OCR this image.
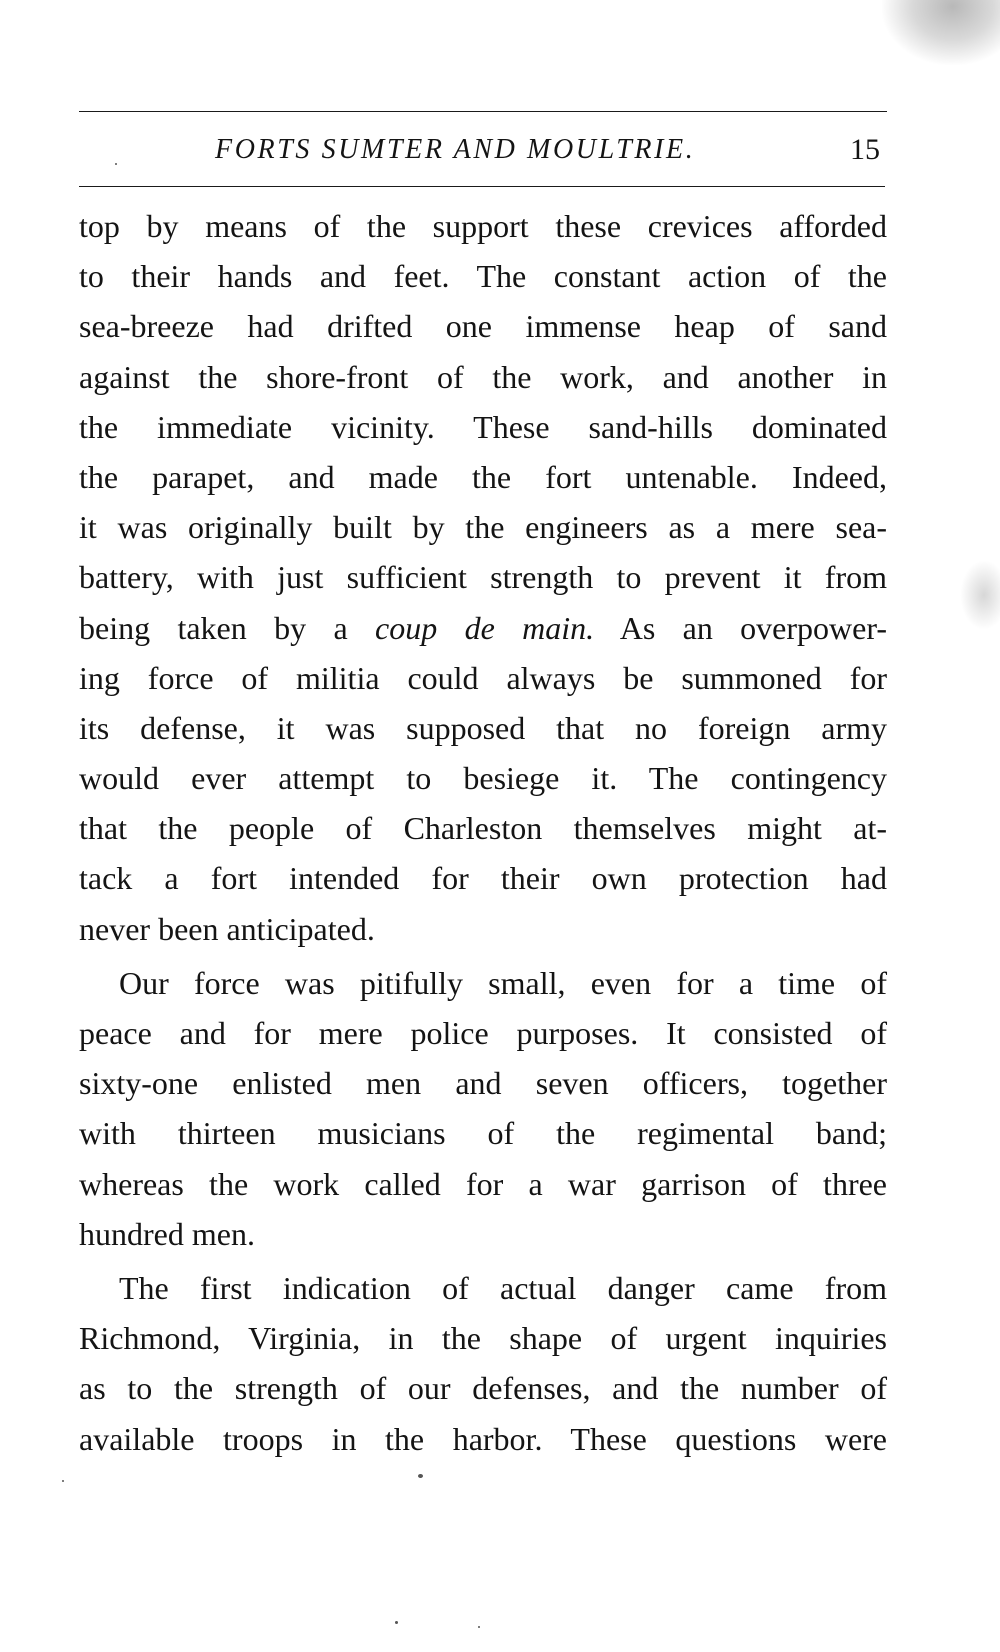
FORTS SUMTER AND MOULTRIE.	15
top by means of the support these crevices afforded
to their hands and feet. The constant action of the
sea-breeze had drifted one immense heap of sand
against the shore-front of the work, and another in
the immediate vicinity. These sand-hills dominated
the parapet, and made the fort untenable. Indeed,
it was originally built by the engineers as a mere sea-
battery, with just sufficient strength to prevent it from
being taken by a coup de main. As an overpower-
ing force of militia could always be summoned for
its defense, it was supposed that no foreign army
would ever attempt to besiege it. The contingency
that the people of Charleston themselves might at-
tack a fort intended for their own protection had
never been anticipated.
Our force was pitifully small, even for a time of
peace and for mere police purposes. It consisted of
sixty-one enlisted men and seven officers, together
with thirteen musicians of the regimental band;
whereas the work called for a war garrison of three
hundred men.
The first indication of actual danger came from
Richmond, Virginia, in the shape of urgent inquiries
as to the strength of our defenses, and the number of
available troops in the harbor. These questions were
